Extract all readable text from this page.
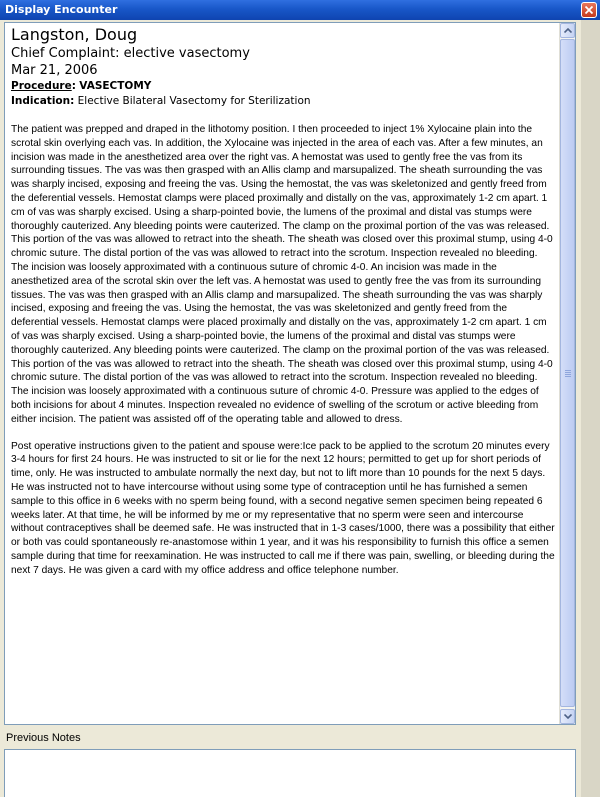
Display Encounter
Langston, Doug
Chief Complaint: elective vasectomy
Mar 21, 2006
Procedure: VASECTOMY
Indication: Elective Bilateral Vasectomy for Sterilization

The patient was prepped and draped in the lithotomy position. I then proceeded to inject 1% Xylocaine plain into the scrotal skin overlying each vas. In addition, the Xylocaine was injected in the area of each vas. After a few minutes, an incision was made in the anesthetized area over the right vas. A hemostat was used to gently free the vas from its surrounding tissues. The vas was then grasped with an Allis clamp and marsupalized. The sheath surrounding the vas was sharply incised, exposing and freeing the vas. Using the hemostat, the vas was skeletonized and gently freed from the deferential vessels. Hemostat clamps were placed proximally and distally on the vas, approximately 1-2 cm apart. 1 cm of vas was sharply excised. Using a sharp-pointed bovie, the lumens of the proximal and distal vas stumps were thoroughly cauterized. Any bleeding points were cauterized. The clamp on the proximal portion of the vas was released. This portion of the vas was allowed to retract into the sheath. The sheath was closed over this proximal stump, using 4-0 chromic suture. The distal portion of the vas was allowed to retract into the scrotum. Inspection revealed no bleeding. The incision was loosely approximated with a continuous suture of chromic 4-0. An incision was made in the anesthetized area of the scrotal skin over the left vas. A hemostat was used to gently free the vas from its surrounding tissues. The vas was then grasped with an Allis clamp and marsupalized. The sheath surrounding the vas was sharply incised, exposing and freeing the vas. Using the hemostat, the vas was skeletonized and gently freed from the deferential vessels. Hemostat clamps were placed proximally and distally on the vas, approximately 1-2 cm apart. 1 cm of vas was sharply excised. Using a sharp-pointed bovie, the lumens of the proximal and distal vas stumps were thoroughly cauterized. Any bleeding points were cauterized. The clamp on the proximal portion of the vas was released. This portion of the vas was allowed to retract into the sheath. The sheath was closed over this proximal stump, using 4-0 chromic suture. The distal portion of the vas was allowed to retract into the scrotum. Inspection revealed no bleeding. The incision was loosely approximated with a continuous suture of chromic 4-0. Pressure was applied to the edges of both incisions for about 4 minutes. Inspection revealed no evidence of swelling of the scrotum or active bleeding from either incision. The patient was assisted off of the operating table and allowed to dress.

Post operative instructions given to the patient and spouse were:Ice pack to be applied to the scrotum 20 minutes every 3-4 hours for first 24 hours. He was instructed to sit or lie for the next 12 hours; permitted to get up for short periods of time, only. He was instructed to ambulate normally the next day, but not to lift more than 10 pounds for the next 5 days. He was instructed not to have intercourse without using some type of contraception until he has furnished a semen sample to this office in 6 weeks with no sperm being found, with a second negative semen specimen being repeated 6 weeks later. At that time, he will be informed by me or my representative that no sperm were seen and intercourse without contraceptives shall be deemed safe. He was instructed that in 1-3 cases/1000, there was a possibility that either or both vas could spontaneously re-anastomose within 1 year, and it was his responsibility to furnish this office a semen sample during that time for reexamination. He was instructed to call me if there was pain, swelling, or bleeding during the next 7 days. He was given a card with my office address and office telephone number.

Previous Notes
